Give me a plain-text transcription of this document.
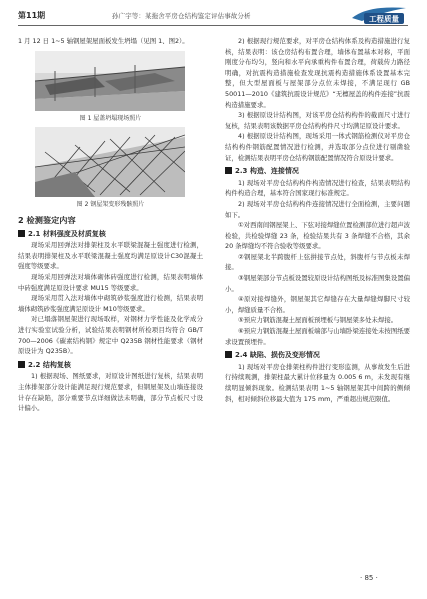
第11期	孙广宇等：某拖舍平房仓结构鉴定评估事故分析	工程质量

1 月 12 日 1~5 轴钢屋架屋面板发生坍塌（见图 1、图2）。

图 1 屋盖坍塌现场照片

图 2 钢屋架变形残骸照片

2 检测鉴定内容
2.1 材料强度及材质复核

现场采用回弹法对排架柱及水平联梁混凝土强度进行检测，结果表明排架柱及水平联梁混凝土强度均满足原设计C30混凝土强度等级要求。

现场采用回弹法对墙体砌体砖强度进行检测，结果表明墙体中砖强度满足原设计要求 MU15 等级要求。

现场采用贯入法对墙体中砌筑砂浆强度进行检测，结果表明墙体砌筑砂浆强度满足原设计 M10等级要求。

对已塌落钢屋架进行现场取样，对钢材力学性能及化学成分进行实验室试验分析，试验结果表明钢材所检项目均符合 GB/T 700—2006《碳素结构钢》规定中 Q235B 钢材性能要求（钢材原设计为 Q235B）。

2.2 结构复核

1) 根据现场、图纸要求，对原设计图纸进行复核，结果表明主体排架部分设计能满足现行规范要求，但钢屋架及山墙连接设计存在缺陷，部分重要节点详细做法未明确，部分节点板尺寸设计偏小。

2) 根据现行规范要求，对平房仓结构体系及构造措施进行复核，结果表明：该仓房结构布置合理，墙体布置基本对称，平面刚度分布均匀，竖向和水平向承重构件布置合理，荷载传力路径明确，对抗震构造措施检查发现抗震构造措施体系设置基本完整，但大型屋面板与屋架部分点位未焊接，不满足现行 GB 50011—2010《建筑抗震设计规范》“无檩屋盖的构件连接”抗震构造措施要求。

3) 根据原设计结构图，对该平房仓结构构件的截面尺寸进行复核，结果表明该数据平房仓结构构件尺寸均满足原设计要求。

4) 根据原设计结构图，现场采用一体式钢筋检测仪对平房仓结构构件钢筋配置情况进行检测，并选取部分点位进行剔凿验证，检测结果表明平房仓结构钢筋配置情况符合原设计要求。

2.3 构造、连接情况

1) 现场对平房仓结构构件构造情况进行检查，结果表明结构构件构造合理，基本符合国家现行标准规定。

2) 现场对平房仓结构构件连接情况进行全面检测，主要问题如下。

①对西南间钢屋架上、下弦对接焊缝位置检测部位进行超声波检验，共检验焊缝 23 条，检验结果共有 3 条焊缝不合格，其余 20 条焊缝均不符合验收等级要求。

②钢屋架北半跨腹杆上弦拼接节点处，斜腹杆与节点板未焊接。

③钢屋架部分节点板设置较原设计结构图纸及标准图集设置偏小。

④原对接焊缝外，钢屋架其它焊缝存在大量焊缝焊脚尺寸较小，焊缝质量不合格。

⑤预应力钢筋混凝土屋面板预埋板与钢屋架多处未焊接。

⑥预应力钢筋混凝土屋面板端部与山墙卧梁连接处未按图纸要求设置预埋件。

2.4 缺陷、损伤及变形情况

1) 现场对平房仓排架柱构件进行变形监测，从事故发生后进行持续观测，排架柱最大累计位移量为 0.005 6 m，未发现有继续明显倾斜现象。检测结果表明 1~5 轴钢屋架其中间跨的侧倾斜，相对倾斜位移最大值为 175 mm，严重超出规范限值。

· 85 ·
